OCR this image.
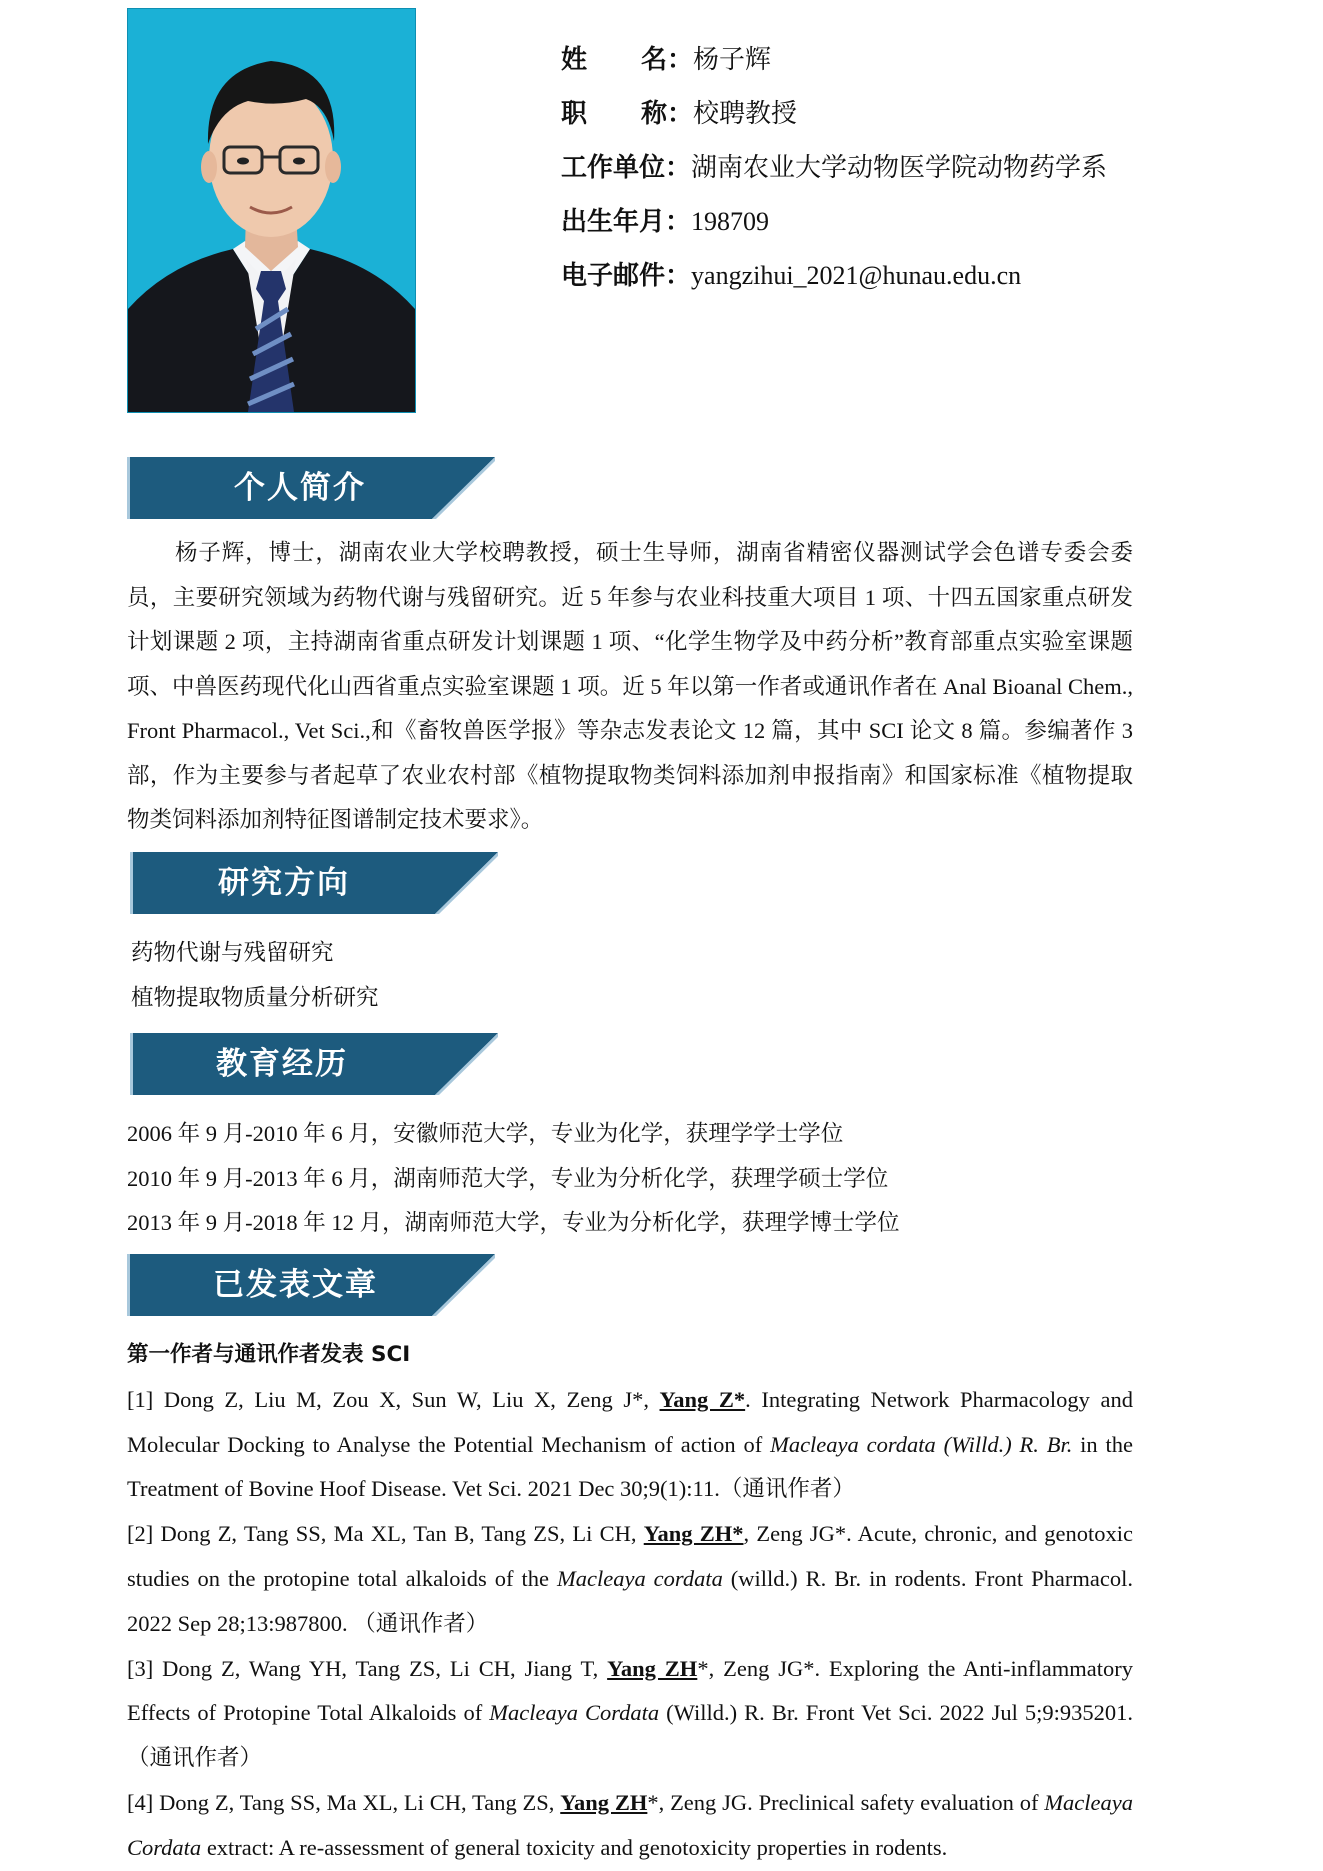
姓 名 ： 杨子辉
职 称 ： 校聘教授
工作单位 ： 湖南农业大学动物医学院动物药学系
出生年月 ： 198709
电子邮件 ： yangzihui_2021@hunau.edu.cn
个人简介

杨子辉，博士，湖南农业大学校聘教授，硕士生导师，湖南省精密仪器测试学会色谱专委会委员，主要研究领域为药物代谢与残留研究。近 5 年参与农业科技重大项目 1 项、十四五国家重点研发计划课题 2 项，主持湖南省重点研发计划课题 1 项、“化学生物学及中药分析”教育部重点实验室课题项、中兽医药现代化山西省重点实验室课题 1 项。近 5 年以第一作者或通讯作者在 Anal Bioanal Chem., Front Pharmacol., Vet Sci.,和《畜牧兽医学报》等杂志发表论文 12 篇，其中 SCI 论文 8 篇。参编著作 3 部，作为主要参与者起草了农业农村部《植物提取物类饲料添加剂申报指南》和国家标准《植物提取物类饲料添加剂特征图谱制定技术要求》。

研究方向
药物代谢与残留研究
植物提取物质量分析研究
教育经历
2006 年 9 月-2010 年 6 月，安徽师范大学，专业为化学，获理学学士学位
2010 年 9 月-2013 年 6 月，湖南师范大学，专业为分析化学，获理学硕士学位
2013 年 9 月-2018 年 12 月，湖南师范大学，专业为分析化学，获理学博士学位
已发表文章
第一作者与通讯作者发表 SCI
[1] Dong Z, Liu M, Zou X, Sun W, Liu X, Zeng J*, Yang Z*. Integrating Network Pharmacology and Molecular Docking to Analyse the Potential Mechanism of action of Macleaya cordata (Willd.) R. Br. in the Treatment of Bovine Hoof Disease. Vet Sci. 2021 Dec 30;9(1):11.（通讯作者）
[2] Dong Z, Tang SS, Ma XL, Tan B, Tang ZS, Li CH, Yang ZH*, Zeng JG*. Acute, chronic, and genotoxic studies on the protopine total alkaloids of the Macleaya cordata (willd.) R. Br. in rodents. Front Pharmacol. 2022 Sep 28;13:987800. （通讯作者）
[3] Dong Z, Wang YH, Tang ZS, Li CH, Jiang T, Yang ZH*, Zeng JG*. Exploring the Anti-inflammatory Effects of Protopine Total Alkaloids of Macleaya Cordata (Willd.) R. Br. Front Vet Sci. 2022 Jul 5;9:935201. （通讯作者）
[4] Dong Z, Tang SS, Ma XL, Li CH, Tang ZS, Yang ZH*, Zeng JG. Preclinical safety evaluation of Macleaya Cordata extract: A re-assessment of general toxicity and genotoxicity properties in rodents.
